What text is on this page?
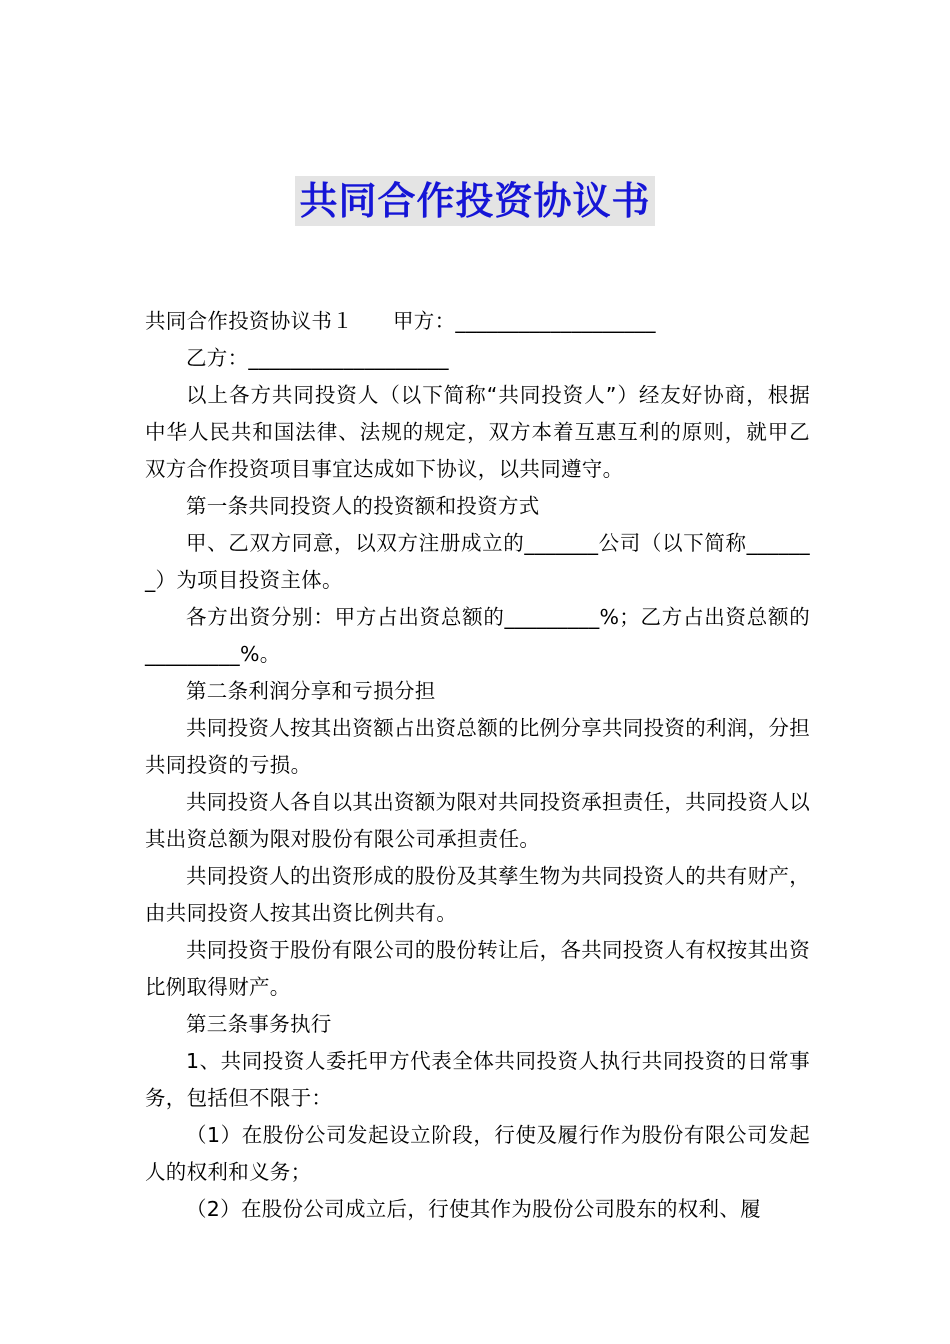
共同合作投资协议书

共同合作投资协议书１ 甲方：___________________

乙方：___________________

以上各方共同投资人（以下简称“共同投资人”）经友好协商，根据中华人民共和国法律、法规的规定，双方本着互惠互利的原则，就甲乙双方合作投资项目事宜达成如下协议，以共同遵守。

第一条共同投资人的投资额和投资方式

甲、乙双方同意，以双方注册成立的_______公司（以下简称_______）为项目投资主体。

各方出资分别：甲方占出资总额的_________%；乙方占出资总额的_________%。

第二条利润分享和亏损分担

共同投资人按其出资额占出资总额的比例分享共同投资的利润，分担共同投资的亏损。

共同投资人各自以其出资额为限对共同投资承担责任，共同投资人以其出资总额为限对股份有限公司承担责任。

共同投资人的出资形成的股份及其孳生物为共同投资人的共有财产，由共同投资人按其出资比例共有。

共同投资于股份有限公司的股份转让后，各共同投资人有权按其出资比例取得财产。

第三条事务执行

1、共同投资人委托甲方代表全体共同投资人执行共同投资的日常事务，包括但不限于：

（1）在股份公司发起设立阶段，行使及履行作为股份有限公司发起人的权利和义务；

（2）在股份公司成立后，行使其作为股份公司股东的权利、履
